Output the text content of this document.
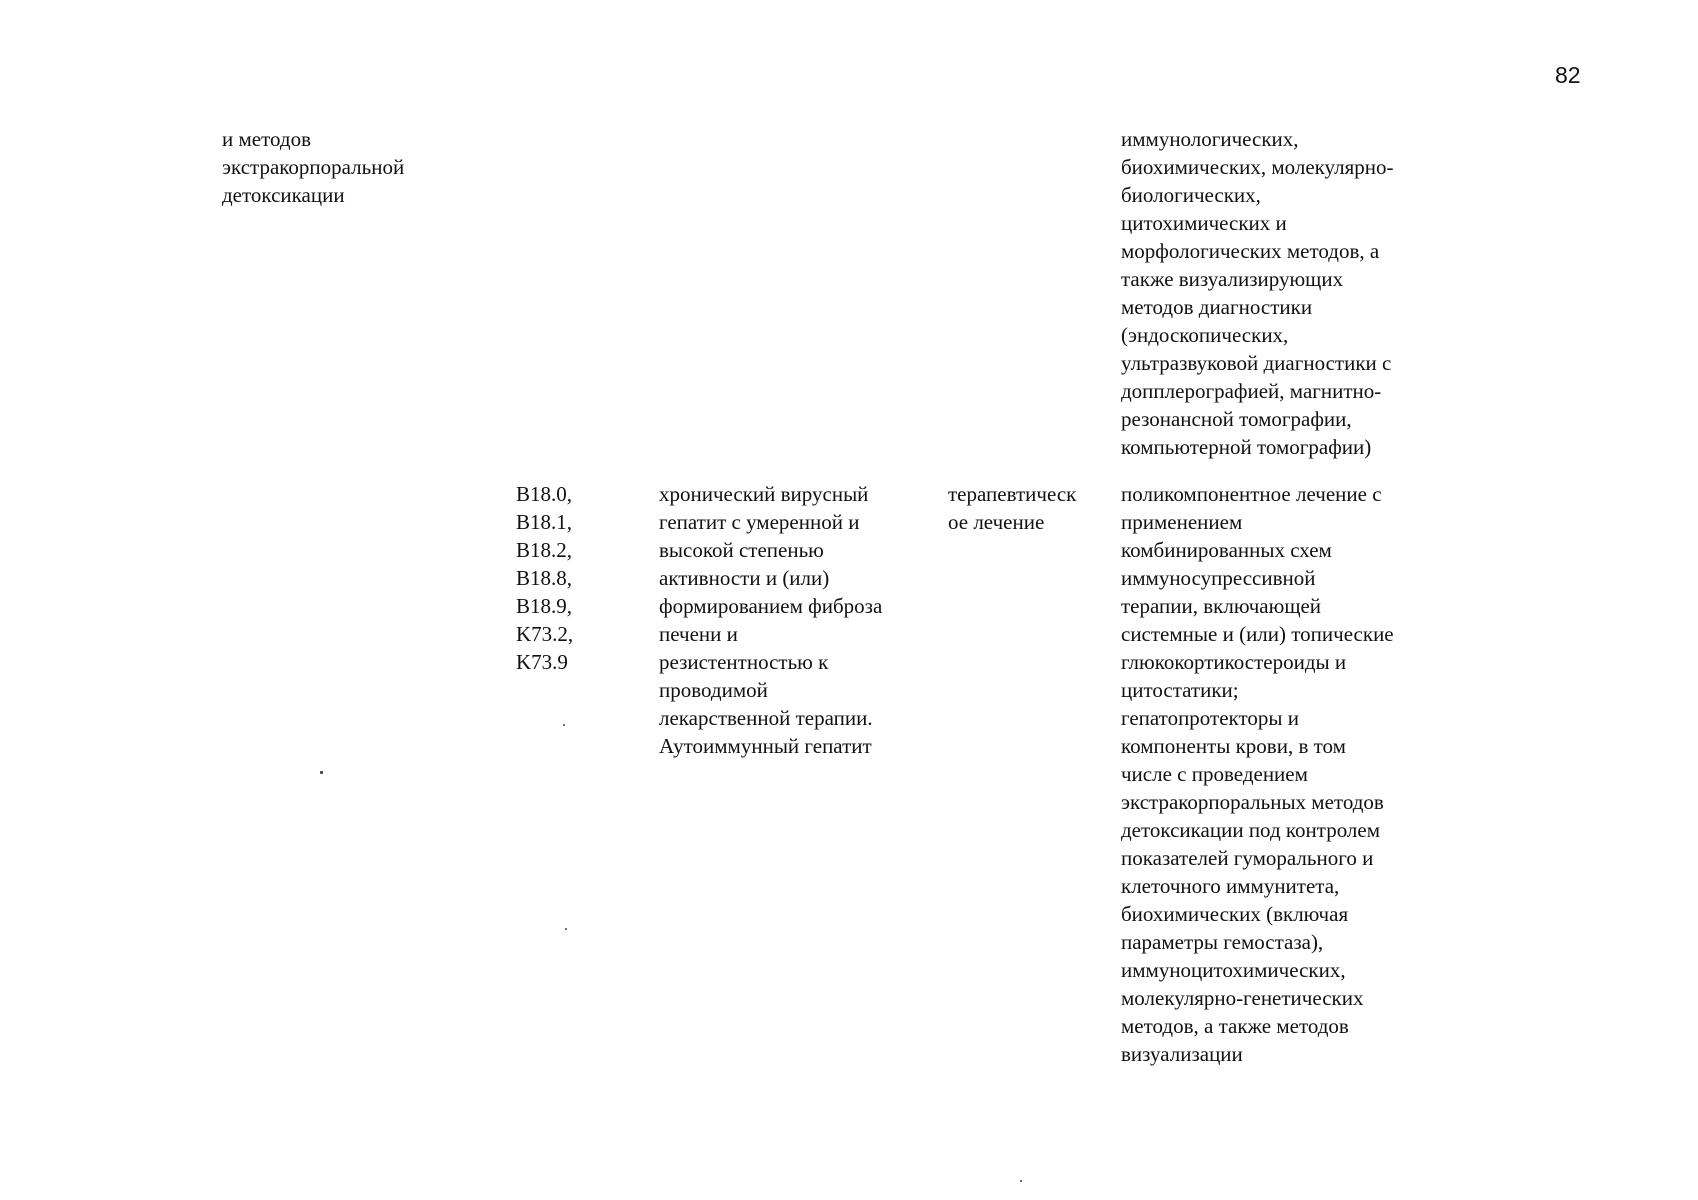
82
и методов
экстракорпоральной
детоксикации
иммунологических,
биохимических, молекулярно-
биологических,
цитохимических и
морфологических методов, а
также визуализирующих
методов диагностики
(эндоскопических,
ультразвуковой диагностики с
допплерографией, магнитно-
резонансной томографии,
компьютерной томографии)
B18.0,
B18.1,
B18.2,
B18.8,
B18.9,
K73.2,
K73.9
хронический вирусный
гепатит с умеренной и
высокой степенью
активности и (или)
формированием фиброза
печени и
резистентностью к
проводимой
лекарственной терапии.
Аутоиммунный гепатит
терапевтическ
ое лечение
поликомпонентное лечение с
применением
комбинированных схем
иммуносупрессивной
терапии, включающей
системные и (или) топические
глюкокортикостероиды и
цитостатики;
гепатопротекторы и
компоненты крови, в том
числе с проведением
экстракорпоральных методов
детоксикации под контролем
показателей гуморального и
клеточного иммунитета,
биохимических (включая
параметры гемостаза),
иммуноцитохимических,
молекулярно-генетических
методов, а также методов
визуализации
